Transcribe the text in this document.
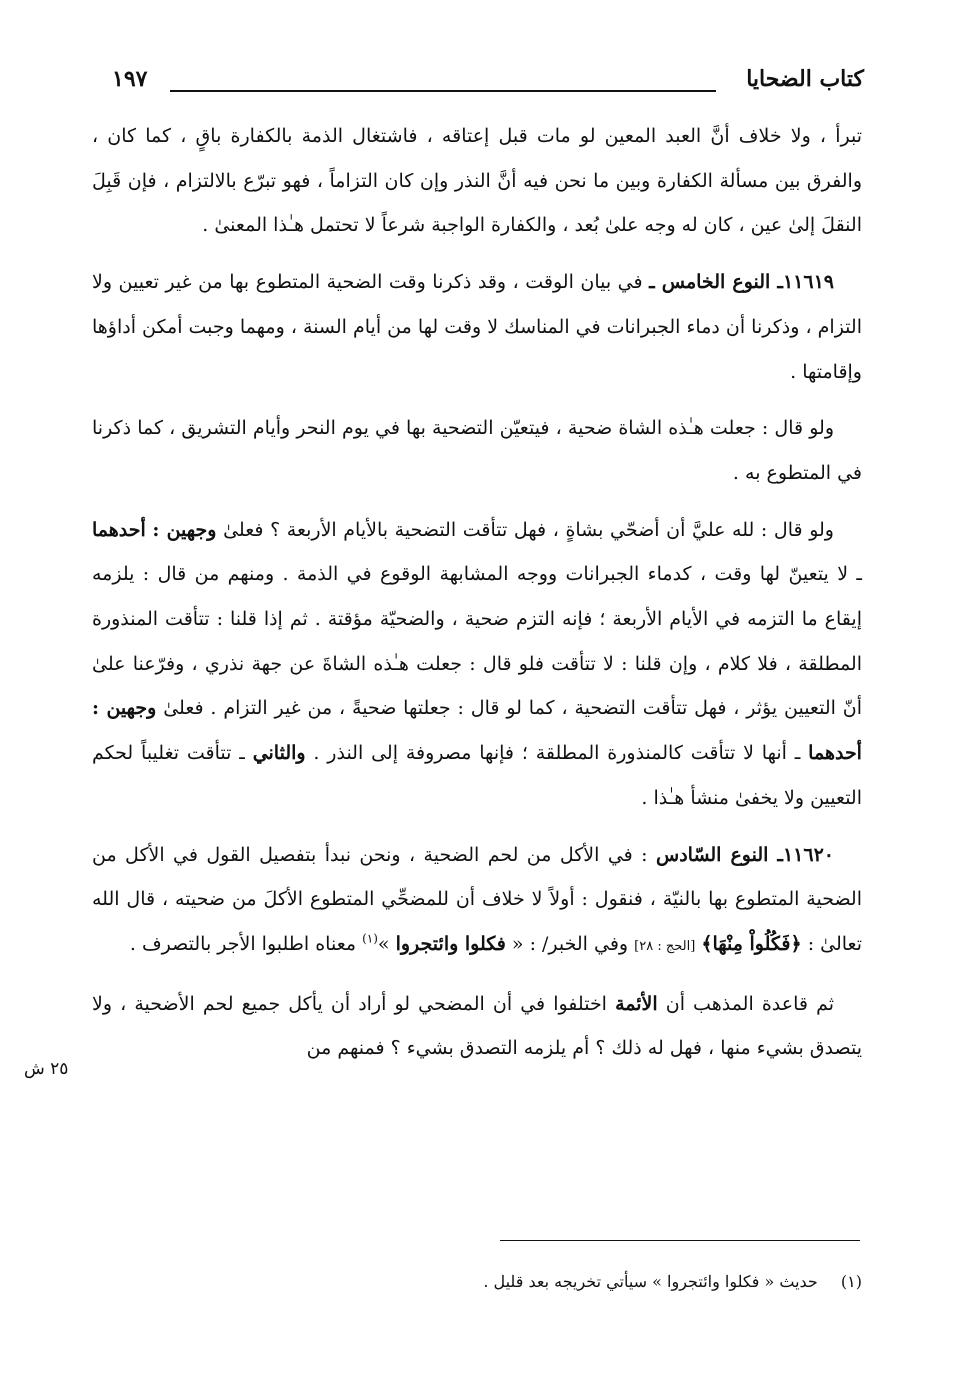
كتاب الضحايا
١٩٧

تبرأ ، ولا خلاف أنَّ العبد المعين لو مات قبل إعتاقه ، فاشتغال الذمة بالكفارة باقٍ ، كما كان ، والفرق بين مسألة الكفارة وبين ما نحن فيه أنَّ النذر وإن كان التزاماً ، فهو تبرّع بالالتزام ، فإن قَبِلَ النقلَ إلىٰ عين ، كان له وجه علىٰ بُعد ، والكفارة الواجبة شرعاً لا تحتمل هـٰذا المعنىٰ .

١١٦١٩ـ النوع الخامس ـ في بيان الوقت ، وقد ذكرنا وقت الضحية المتطوع بها من غير تعيين ولا التزام ، وذكرنا أن دماء الجبرانات في المناسك لا وقت لها من أيام السنة ، ومهما وجبت أمكن أداؤها وإقامتها .

ولو قال : جعلت هـٰذه الشاة ضحية ، فيتعيّن التضحية بها في يوم النحر وأيام التشريق ، كما ذكرنا في المتطوع به .

ولو قال : لله عليَّ أن أضحّي بشاةٍ ، فهل تتأقت التضحية بالأيام الأربعة ؟ فعلىٰ وجهين : أحدهما ـ لا يتعينّ لها وقت ، كدماء الجبرانات ووجه المشابهة الوقوع في الذمة . ومنهم من قال : يلزمه إيقاع ما التزمه في الأيام الأربعة ؛ فإنه التزم ضحية ، والضحيّة مؤقتة . ثم إذا قلنا : تتأقت المنذورة المطلقة ، فلا كلام ، وإن قلنا : لا تتأقت فلو قال : جعلت هـٰذه الشاةَ عن جهة نذري ، وفرّعنا علىٰ أنّ التعيين يؤثر ، فهل تتأقت التضحية ، كما لو قال : جعلتها ضحيةً ، من غير التزام . فعلىٰ وجهين : أحدهما ـ أنها لا تتأقت كالمنذورة المطلقة ؛ فإنها مصروفة إلى النذر . والثاني ـ تتأقت تغليباً لحكم التعيين ولا يخفىٰ منشأ هـٰذا .

١١٦٢٠ـ النوع السّادس : في الأكل من لحم الضحية ، ونحن نبدأ بتفصيل القول في الأكل من الضحية المتطوع بها بالنيّة ، فنقول : أولاً لا خلاف أن للمضحِّي المتطوع الأكلَ من ضحيته ، قال الله تعالىٰ : ﴿فَكُلُواْ مِنْهَا﴾ [الحج : ٢٨] وفي الخبر/ : « فكلوا وائتجروا »$^{(١)}$ معناه اطلبوا الأجر بالتصرف .

ثم قاعدة المذهب أن الأئمة اختلفوا في أن المضحي لو أراد أن يأكل جميع لحم الأضحية ، ولا يتصدق بشيء منها ، فهل له ذلك ؟ أم يلزمه التصدق بشيء ؟ فمنهم من

٢٥ ش
(١) حديث « فكلوا وائتجروا » سيأتي تخريجه بعد قليل .
